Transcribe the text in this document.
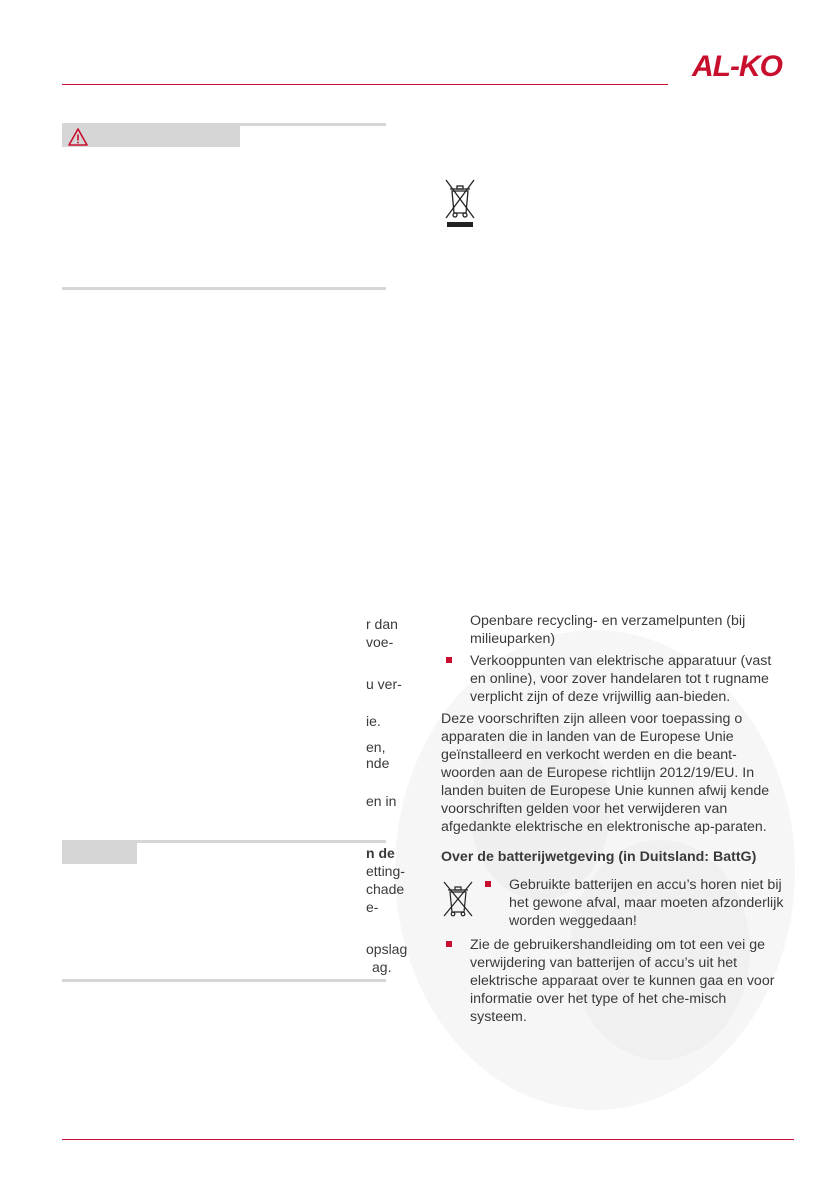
AL-KO
r dan
voe-
u ver-
ie.
en,
nde
en in
n de
etting-
chade
e-
opslag
ag.
Openbare recycling- en verzamelpunten (bij milieuparken)
Verkooppunten van elektrische apparatuur (vast en online), voor zover handelaren tot t rugname verplicht zijn of deze vrijwillig aan-bieden.

Deze voorschriften zijn alleen voor toepassing o apparaten die in landen van de Europese Unie geïnstalleerd en verkocht werden en die beant-woorden aan de Europese richtlijn 2012/19/EU. In landen buiten de Europese Unie kunnen afwij kende voorschriften gelden voor het verwijderen van afgedankte elektrische en elektronische ap-paraten.

Over de batterijwetgeving (in Duitsland: BattG)
Gebruikte batterijen en accu’s horen niet bij het gewone afval, maar moeten afzonderlijk worden weggedaan!
Zie de gebruikershandleiding om tot een vei ge verwijdering van batterijen of accu’s uit het elektrische apparaat over te kunnen gaa en voor informatie over het type of het che-misch systeem.
